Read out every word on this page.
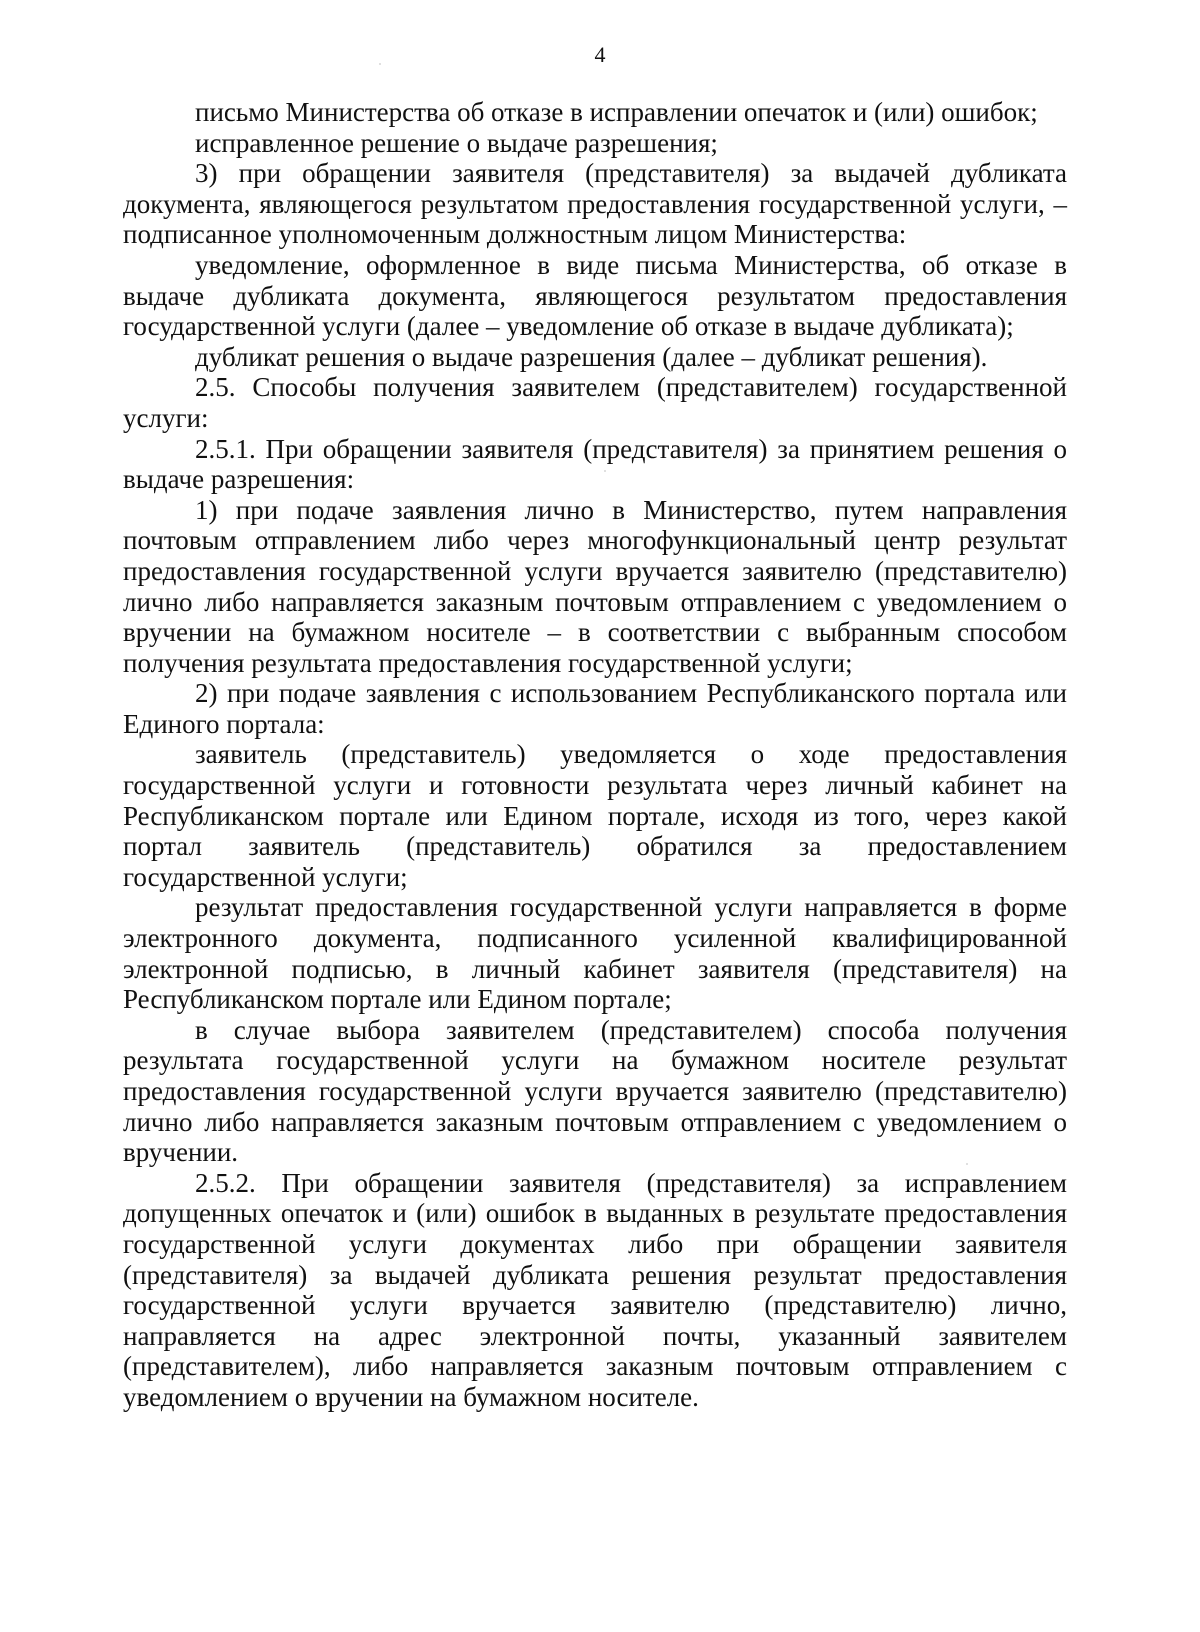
4

письмо Министерства об отказе в исправлении опечаток и (или) ошибок;

исправленное решение о выдаче разрешения;

3) при обращении заявителя (представителя) за выдачей дубликата документа, являющегося результатом предоставления государственной услуги, – подписанное уполномоченным должностным лицом Министерства:

уведомление, оформленное в виде письма Министерства, об отказе в выдаче дубликата документа, являющегося результатом предоставления государственной услуги (далее – уведомление об отказе в выдаче дубликата);

дубликат решения о выдаче разрешения (далее – дубликат решения).

2.5. Способы получения заявителем (представителем) государственной услуги:

2.5.1. При обращении заявителя (представителя) за принятием решения о выдаче разрешения:

1) при подаче заявления лично в Министерство, путем направления почтовым отправлением либо через многофункциональный центр результат предоставления государственной услуги вручается заявителю (представителю) лично либо направляется заказным почтовым отправлением с уведомлением о вручении на бумажном носителе – в соответствии с выбранным способом получения результата предоставления государственной услуги;

2) при подаче заявления с использованием Республиканского портала или Единого портала:

заявитель (представитель) уведомляется о ходе предоставления государственной услуги и готовности результата через личный кабинет на Республиканском портале или Едином портале, исходя из того, через какой портал заявитель (представитель) обратился за предоставлением государственной услуги;

результат предоставления государственной услуги направляется в форме электронного документа, подписанного усиленной квалифицированной электронной подписью, в личный кабинет заявителя (представителя) на Республиканском портале или Едином портале;

в случае выбора заявителем (представителем) способа получения результата государственной услуги на бумажном носителе результат предоставления государственной услуги вручается заявителю (представителю) лично либо направляется заказным почтовым отправлением с уведомлением о вручении.

2.5.2. При обращении заявителя (представителя) за исправлением допущенных опечаток и (или) ошибок в выданных в результате предоставления государственной услуги документах либо при обращении заявителя (представителя) за выдачей дубликата решения результат предоставления государственной услуги вручается заявителю (представителю) лично, направляется на адрес электронной почты, указанный заявителем (представителем), либо направляется заказным почтовым отправлением с уведомлением о вручении на бумажном носителе.
